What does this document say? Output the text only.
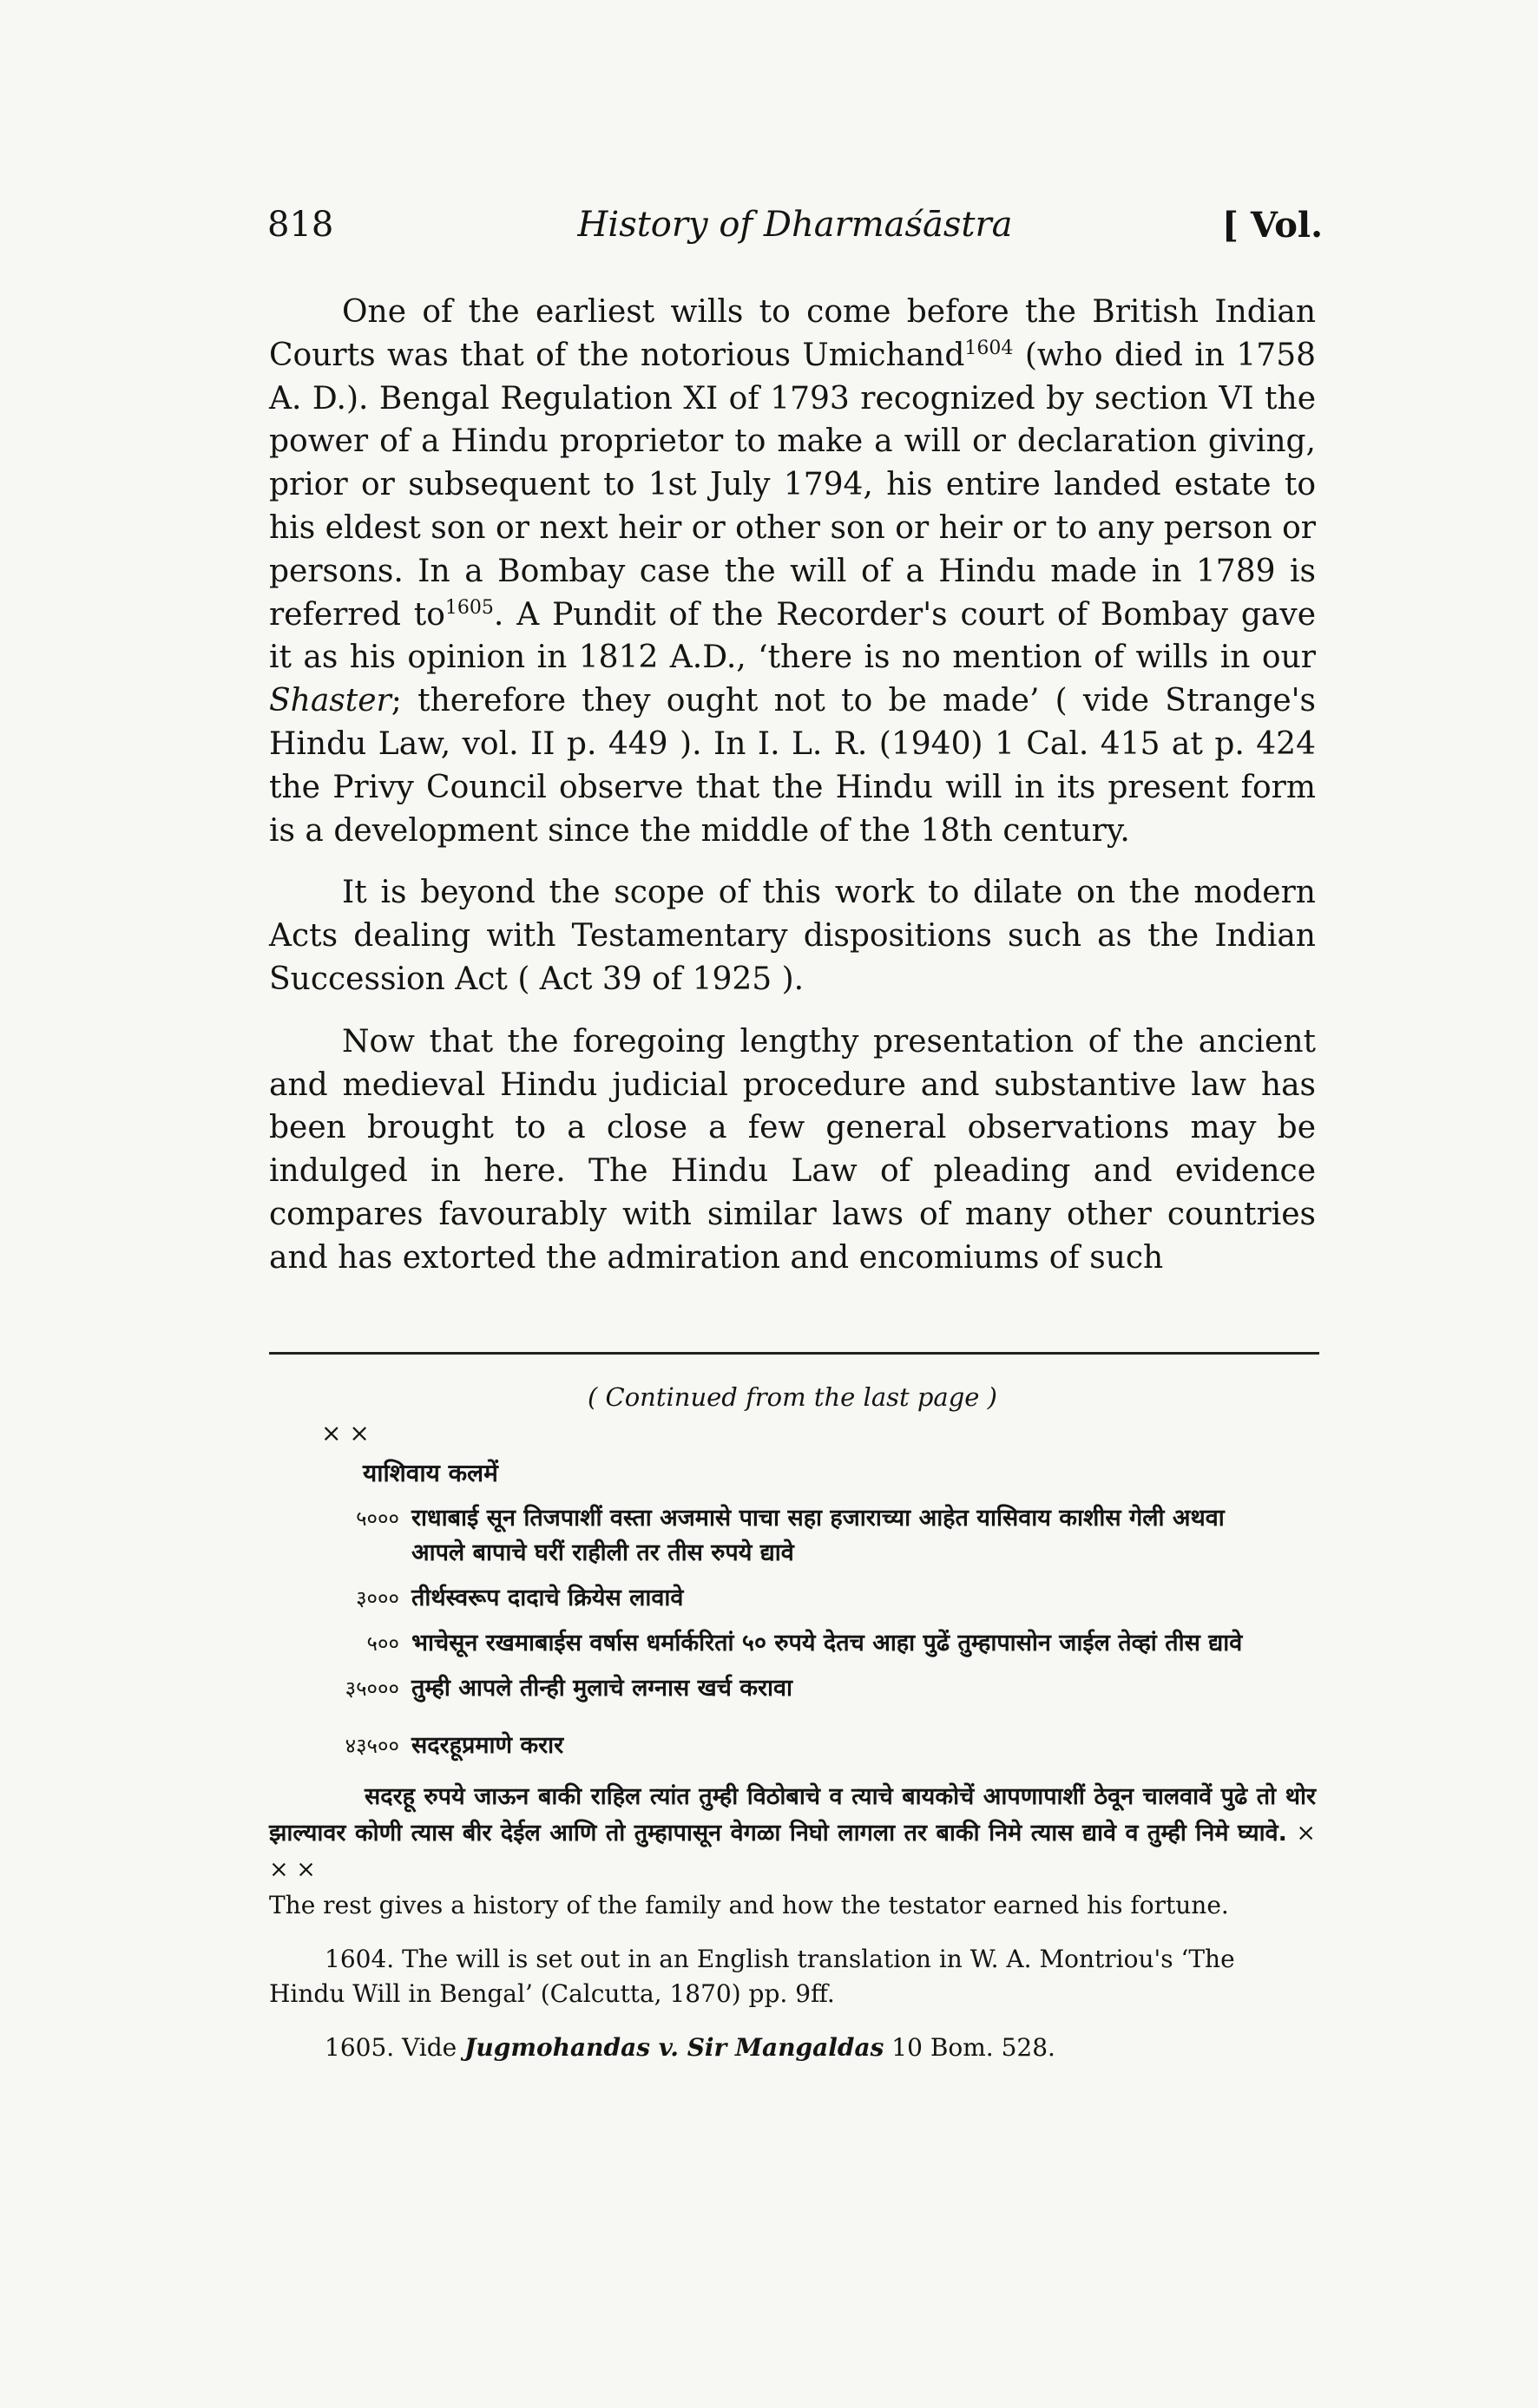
818	History of Dharmaśāstra	[ Vol.

One of the earliest wills to come before the British Indian Courts was that of the notorious Umichand$^{1604}$ (who died in 1758 A. D.). Bengal Regulation XI of 1793 recognized by section VI the power of a Hindu proprietor to make a will or declaration giving, prior or subsequent to 1st July 1794, his entire landed estate to his eldest son or next heir or other son or heir or to any person or persons. In a Bombay case the will of a Hindu made in 1789 is referred $to^{1605}$. A Pundit of the Recorder's court of Bombay gave it as his opinion in 1812 A.D., ‘there is no mention of wills in our Shaster; therefore they ought not to be made’ ( vide Strange's Hindu Law, vol. II p. 449 ). In I. L. R. (1940) 1 Cal. 415 at p. 424 the Privy Council observe that the Hindu will in its present form is a development since the middle of the 18th century.

It is beyond the scope of this work to dilate on the modern Acts dealing with Testamentary dispositions such as the Indian Succession Act ( Act 39 of 1925 ).

Now that the foregoing lengthy presentation of the ancient and medieval Hindu judicial procedure and substantive law has been brought to a close a few general observations may be indulged in here. The Hindu Law of pleading and evidence compares favourably with similar laws of many other countries and has extorted the admiration and encomiums of such

( Continued from the last page )
× ×
याशिवाय कलमें
५००० राधाबाई सून तिजपाशीं वस्ता अजमासे पाचा सहा हजाराच्या आहेत यासिवाय काशीस गेली अथवा आपले बापाचे घरीं राहीली तर तीस रुपये द्यावे
३००० तीर्थस्वरूप दादाचे क्रियेस लावावे
५०० भाचेसून रखमाबाईस वर्षास धर्मार्करितां ५० रुपये देतच आहा पुढें तुम्हापासोन जाईल तेव्हां तीस द्यावे
३५००० तुम्ही आपले तीन्ही मुलाचे लग्नास खर्च करावा
४३५०० सदरहूप्रमाणे करार
सदरहू रुपये जाऊन बाकी राहिल त्यांत तुम्ही विठोबाचे व त्याचे बायकोचें आपणापाशीं ठेवून चालवावें पुढे तो थोर झाल्यावर कोणी त्यास बीर देईल आणि तो तुम्हापासून वेगळा निघो लागला तर बाकी निमे त्यास द्यावे व तुम्ही निमे घ्यावे. × × ×
The rest gives a history of the family and how the testator earned his fortune.
1604. The will is set out in an English translation in W. A. Montriou's ‘The Hindu Will in Bengal’ (Calcutta, 1870) pp. 9ff.
1605. Vide Jugmohandas v. Sir Mangaldas 10 Bom. 528.
